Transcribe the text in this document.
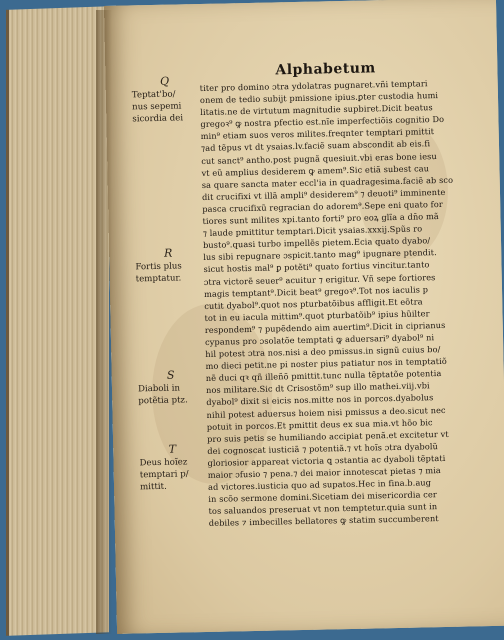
Alphabetum
Q
Teptat'bo/
nus sepemi
sicordia dei
R
Fortis plus
temptatur.
S
Diaboli in
potẽtia ptz.
T
Deus hoĩez
temptari p/
mittit.
titer pro domino ɔtra ydolatras pugnaret.vñi temptari
onem de tedio subijt pmissione ipius.ꝑter custodia humi
litatis.ne de virtutum magnitudie supbiret.Dicit beatus
gregoꝛ⁹ ꝙ nostra pfectio est.nĩe imperfectiõis cognitio Do
min⁹ etiam suos veros milites.freqnter temptari pmittit
⁊ad tẽpus vt dt ysaias.lv.faciẽ suam abscondit ab eis.fi
cut sanct⁹ antho.post pugnã quesiuit.vbi eras bone iesu
vt eũ amplius desiderem ꝙ amem⁹.Sic etiã subest cau
sa quare sancta mater eccl'ia in quadragesima.faciẽ ab sco
dit crucifixi vt illã ampli⁹ desiderem⁹ ⁊ deuoti⁹ imminente
pasca crucifixũ regracian do adorem⁹.Sepe eni quato for
tiores sunt milites xpi.tanto forti⁹ pro eoꝝ glĩa a dn̄o mã
⁊ laude pmittitur temptari.Dicit ysaias.xxxij.Spũs ro
busto⁹.quasi turbo impellẽs pietem.Ecia quato dyabo/
lus sibi repugnare ɔspicit.tanto mag⁹ ipugnare ptendit.
sicut hostis mal⁹ ꝑ potẽti⁹ quato fortius vincitur.tanto
ɔtra victorẽ seuer⁹ acuitur ⁊ erigitur. Vñ sepe fortiores
magis temptant⁹.Dicit beat⁹ gregoꝛ⁹.Tot nos iaculis p
cutit dyabol⁹.quot nos pturbatõibus affligit.Et eõtra
tot in eu iacula mittim⁹.quot pturbatõib⁹ ipius hũilter
respondem⁹ ⁊ pupẽdendo aim auertim⁹.Dicit in ciprianus
cypanus pro ɔsolatõe temptati ꝙ aduersari⁹ dyabol⁹ ni
hil potest ɔtra nos.nisi a deo pmissus.in signũ cuius bo/
mo dieci petit.ne pi noster pius patiatur nos in temptatiõ
nẽ duci qꝛ qñ illeñõ pmittit.tunc nulla tẽptatõe potentia
nos militare.Sic dt Crisostõm⁹ sup illo mathei.viij.vbi
dyabol⁹ dixit si eicis nos.mitte nos in porcos.dyabolus
nihil potest aduersus hoiem nisi pmissus a deo.sicut nec
potuit in porcos.Et pmittit deus ex sua mia.vt hõo bic
pro suis petis se humiliando accipiat penã.et excitetur vt
dei cognoscat iusticiã ⁊ potentiã.⁊ vt hoĩs ɔtra dyabolũ
gloriosior appareat victoria ꝗ ɔstantia ac dyaboli tẽptati
maior ɔfusio ⁊ pena.⁊ dei maior innotescat pietas ⁊ mia
ad victores.iusticia quo ad supatos.Hec in fina.b.aug
in scõo sermone domini.Sicetiam dei misericordia cer
tos saluandos preseruat vt non temptetur.quia sunt in
debiles ⁊ imbecilles bellatores ꝙ statim succumberent
